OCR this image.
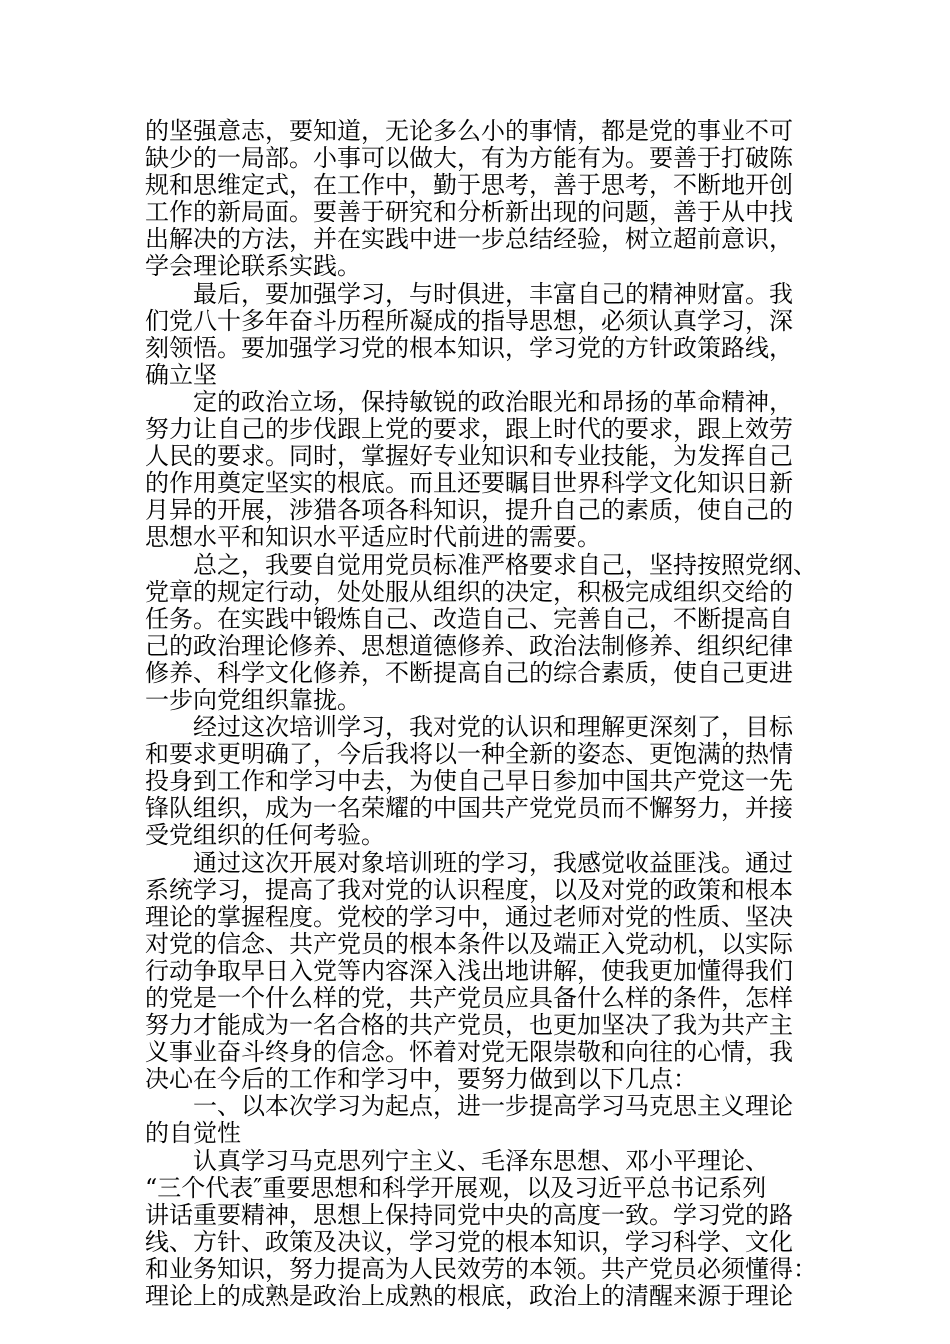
的坚强意志，要知道，无论多么小的事情，都是党的事业不可
缺少的一局部。小事可以做大，有为方能有为。要善于打破陈
规和思维定式，在工作中，勤于思考，善于思考，不断地开创
工作的新局面。要善于研究和分析新出现的问题，善于从中找
出解决的方法，并在实践中进一步总结经验，树立超前意识，
学会理论联系实践。

　　最后，要加强学习，与时俱进，丰富自己的精神财富。我
们党八十多年奋斗历程所凝成的指导思想，必须认真学习，深
刻领悟。要加强学习党的根本知识，学习党的方针政策路线，
确立坚

　　定的政治立场，保持敏锐的政治眼光和昂扬的革命精神，
努力让自己的步伐跟上党的要求，跟上时代的要求，跟上效劳
人民的要求。同时，掌握好专业知识和专业技能，为发挥自己
的作用奠定坚实的根底。而且还要瞩目世界科学文化知识日新
月异的开展，涉猎各项各科知识，提升自己的素质，使自己的
思想水平和知识水平适应时代前进的需要。

　　总之，我要自觉用党员标准严格要求自己，坚持按照党纲、
党章的规定行动，处处服从组织的决定，积极完成组织交给的
任务。在实践中锻炼自己、改造自己、完善自己，不断提高自
己的政治理论修养、思想道德修养、政治法制修养、组织纪律
修养、科学文化修养，不断提高自己的综合素质，使自己更进
一步向党组织靠拢。

　　经过这次培训学习，我对党的认识和理解更深刻了，目标
和要求更明确了，今后我将以一种全新的姿态、更饱满的热情
投身到工作和学习中去，为使自己早日参加中国共产党这一先
锋队组织，成为一名荣耀的中国共产党党员而不懈努力，并接
受党组织的任何考验。

　　通过这次开展对象培训班的学习，我感觉收益匪浅。通过
系统学习，提高了我对党的认识程度，以及对党的政策和根本
理论的掌握程度。党校的学习中，通过老师对党的性质、坚决
对党的信念、共产党员的根本条件以及端正入党动机，以实际
行动争取早日入党等内容深入浅出地讲解，使我更加懂得我们
的党是一个什么样的党，共产党员应具备什么样的条件，怎样
努力才能成为一名合格的共产党员，也更加坚决了我为共产主
义事业奋斗终身的信念。怀着对党无限崇敬和向往的心情，我
决心在今后的工作和学习中，要努力做到以下几点：

　　一、以本次学习为起点，进一步提高学习马克思主义理论
的自觉性

　　认真学习马克思列宁主义、毛泽东思想、邓小平理论、
“三个代表″重要思想和科学开展观，以及习近平总书记系列
讲话重要精神，思想上保持同党中央的高度一致。学习党的路
线、方针、政策及决议，学习党的根本知识，学习科学、文化
和业务知识，努力提高为人民效劳的本领。共产党员必须懂得：
理论上的成熟是政治上成熟的根底，政治上的清醒来源于理论
